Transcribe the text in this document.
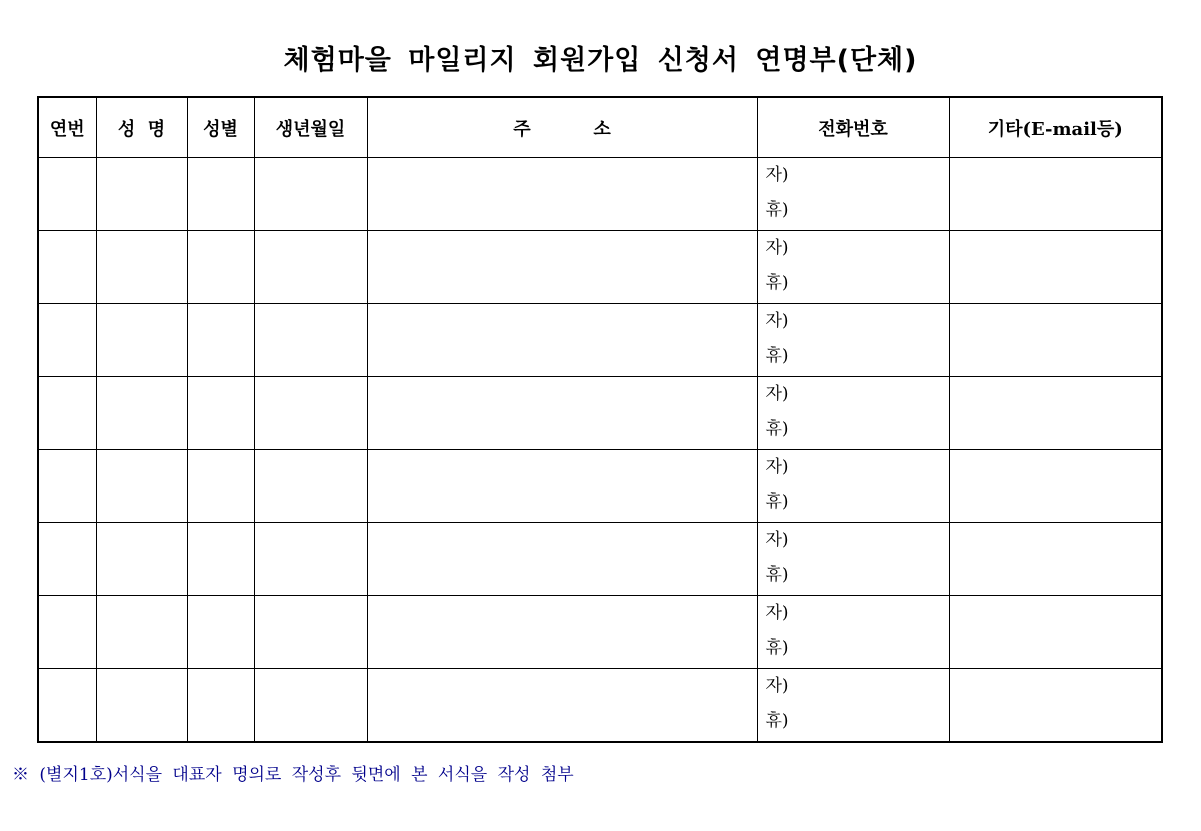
체험마을 마일리지 회원가입 신청서 연명부(단체)
연번	성  명	성별	생년월일	주          소	전화번호	기타(E-mail등)

					자)
휴)	

					자)
휴)	

					자)
휴)	

					자)
휴)	

					자)
휴)	

					자)
휴)	

					자)
휴)	

					자)
휴)	

※ (별지1호)서식을 대표자 명의로 작성후 뒷면에 본 서식을 작성 첨부
